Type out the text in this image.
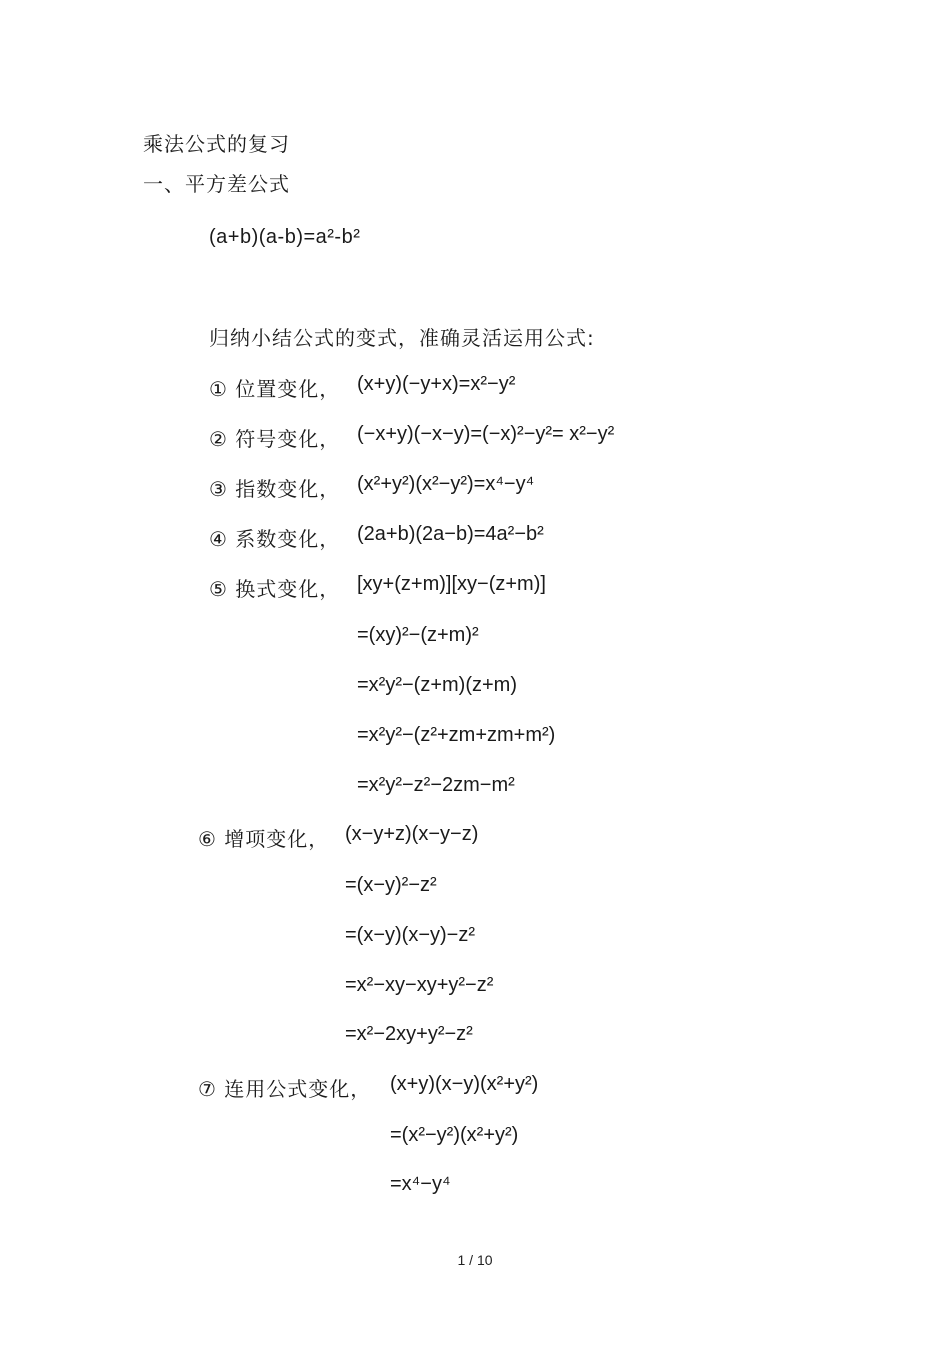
乘法公式的复习
一、平方差公式
(a+b)(a-b)=a²-b²
归纳小结公式的变式，准确灵活运用公式:
① 位置变化， (x+y)(−y+x)=x²−y²
② 符号变化， (−x+y)(−x−y)=(−x)²−y²= x²−y²
③ 指数变化， (x²+y²)(x²−y²)=x⁴−y⁴
④ 系数变化， (2a+b)(2a−b)=4a²−b²
⑤ 换式变化， [xy+(z+m)][xy−(z+m)]
=(xy)²−(z+m)²
=x²y²−(z+m)(z+m)
=x²y²−(z²+zm+zm+m²)
=x²y²−z²−2zm−m²
⑥ 增项变化， (x−y+z)(x−y−z)
=(x−y)²−z²
=(x−y)(x−y)−z²
=x²−xy−xy+y²−z²
=x²−2xy+y²−z²
⑦ 连用公式变化， (x+y)(x−y)(x²+y²)
=(x²−y²)(x²+y²)
=x⁴−y⁴
1 / 10
